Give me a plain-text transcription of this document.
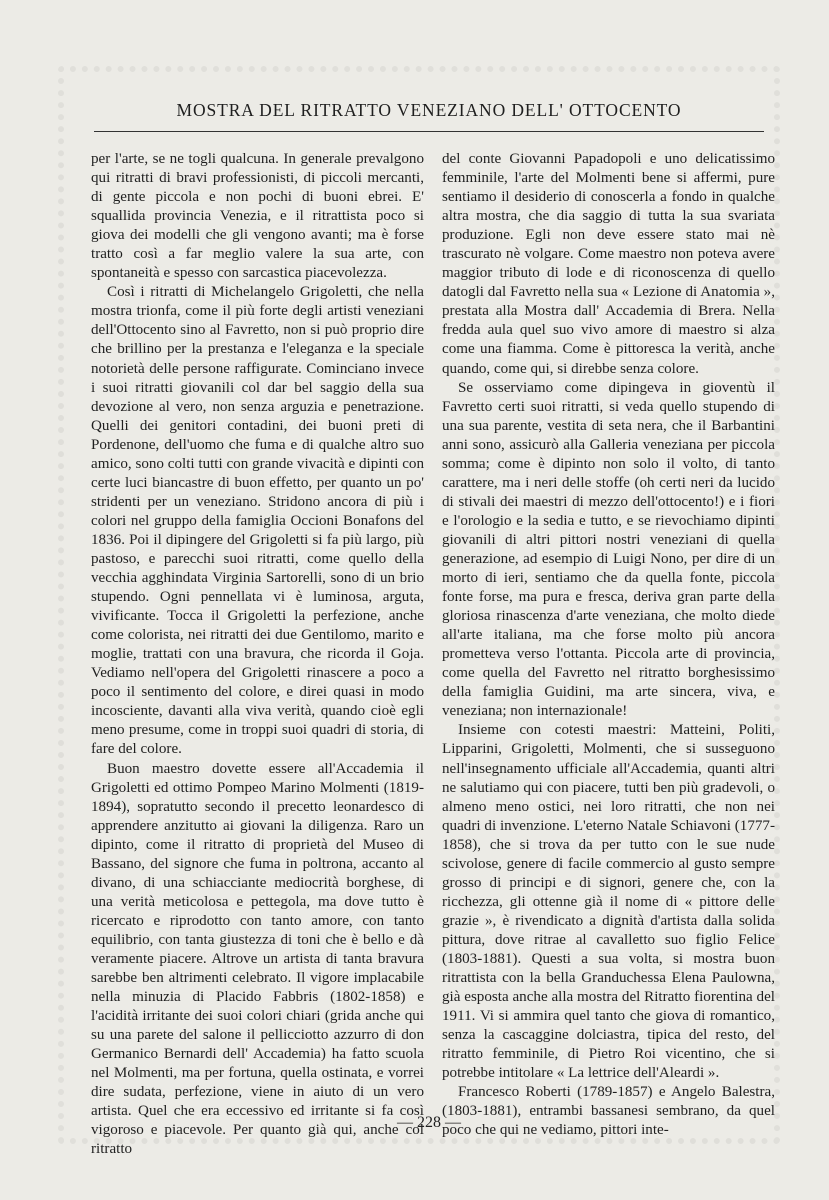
MOSTRA DEL RITRATTO VENEZIANO DELL' OTTOCENTO

per l'arte, se ne togli qualcuna. In generale prevalgono qui ritratti di bravi professionisti, di piccoli mercanti, di gente piccola e non pochi di buoni ebrei. E' squallida provincia Venezia, e il ritrattista poco si giova dei modelli che gli vengono avanti; ma è forse tratto così a far meglio valere la sua arte, con spontaneità e spesso con sarcastica piacevolezza.

Così i ritratti di Michelangelo Grigoletti, che nella mostra trionfa, come il più forte degli artisti veneziani dell'Ottocento sino al Favretto, non si può proprio dire che brillino per la prestanza e l'eleganza e la speciale notorietà delle persone raffigurate. Cominciano invece i suoi ritratti giovanili col dar bel saggio della sua devozione al vero, non senza arguzia e penetrazione. Quelli dei genitori contadini, dei buoni preti di Pordenone, dell'uomo che fuma e di qualche altro suo amico, sono colti tutti con grande vivacità e dipinti con certe luci biancastre di buon effetto, per quanto un po' stridenti per un veneziano. Stridono ancora di più i colori nel gruppo della famiglia Occioni Bonafons del 1836. Poi il dipingere del Grigoletti si fa più largo, più pastoso, e parecchi suoi ritratti, come quello della vecchia agghindata Virginia Sartorelli, sono di un brio stupendo. Ogni pennellata vi è luminosa, arguta, vivificante. Tocca il Grigoletti la perfezione, anche come colorista, nei ritratti dei due Gentilomo, marito e moglie, trattati con una bravura, che ricorda il Goja. Vediamo nell'opera del Grigoletti rinascere a poco a poco il sentimento del colore, e direi quasi in modo incosciente, davanti alla viva verità, quando cioè egli meno presume, come in troppi suoi quadri di storia, di fare del colore.

Buon maestro dovette essere all'Accademia il Grigoletti ed ottimo Pompeo Marino Molmenti (1819-1894), sopratutto secondo il precetto leonardesco di apprendere anzitutto ai giovani la diligenza. Raro un dipinto, come il ritratto di proprietà del Museo di Bassano, del signore che fuma in poltrona, accanto al divano, di una schiacciante mediocrità borghese, di una verità meticolosa e pettegola, ma dove tutto è ricercato e riprodotto con tanto amore, con tanto equilibrio, con tanta giustezza di toni che è bello e dà veramente piacere. Altrove un artista di tanta bravura sarebbe ben altrimenti celebrato. Il vigore implacabile nella minuzia di Placido Fabbris (1802-1858) e l'acidità irritante dei suoi colori chiari (grida anche qui su una parete del salone il pellicciotto azzurro di don Germanico Bernardi dell' Accademia) ha fatto scuola nel Molmenti, ma per fortuna, quella ostinata, e vorrei dire sudata, perfezione, viene in aiuto di un vero artista. Quel che era eccessivo ed irritante si fa così vigoroso e piacevole. Per quanto già qui, anche col ritratto

del conte Giovanni Papadopoli e uno delicatissimo femminile, l'arte del Molmenti bene si affermi, pure sentiamo il desiderio di conoscerla a fondo in qualche altra mostra, che dia saggio di tutta la sua svariata produzione. Egli non deve essere stato mai nè trascurato nè volgare. Come maestro non poteva avere maggior tributo di lode e di riconoscenza di quello datogli dal Favretto nella sua « Lezione di Anatomia », prestata alla Mostra dall' Accademia di Brera. Nella fredda aula quel suo vivo amore di maestro si alza come una fiamma. Come è pittoresca la verità, anche quando, come qui, si direbbe senza colore.

Se osserviamo come dipingeva in gioventù il Favretto certi suoi ritratti, si veda quello stupendo di una sua parente, vestita di seta nera, che il Barbantini anni sono, assicurò alla Galleria veneziana per piccola somma; come è dipinto non solo il volto, di tanto carattere, ma i neri delle stoffe (oh certi neri da lucido di stivali dei maestri di mezzo dell'ottocento!) e i fiori e l'orologio e la sedia e tutto, e se rievochiamo dipinti giovanili di altri pittori nostri veneziani di quella generazione, ad esempio di Luigi Nono, per dire di un morto di ieri, sentiamo che da quella fonte, piccola fonte forse, ma pura e fresca, deriva gran parte della gloriosa rinascenza d'arte veneziana, che molto diede all'arte italiana, ma che forse molto più ancora prometteva verso l'ottanta. Piccola arte di provincia, come quella del Favretto nel ritratto borghesissimo della famiglia Guidini, ma arte sincera, viva, e veneziana; non internazionale!

Insieme con cotesti maestri: Matteini, Politi, Lipparini, Grigoletti, Molmenti, che si susseguono nell'insegnamento ufficiale all'Accademia, quanti altri ne salutiamo qui con piacere, tutti ben più gradevoli, o almeno meno ostici, nei loro ritratti, che non nei quadri di invenzione. L'eterno Natale Schiavoni (1777-1858), che si trova da per tutto con le sue nude scivolose, genere di facile commercio al gusto sempre grosso di principi e di signori, genere che, con la ricchezza, gli ottenne già il nome di « pittore delle grazie », è rivendicato a dignità d'artista dalla solida pittura, dove ritrae al cavalletto suo figlio Felice (1803-1881). Questi a sua volta, si mostra buon ritrattista con la bella Granduchessa Elena Paulowna, già esposta anche alla mostra del Ritratto fiorentina del 1911. Vi si ammira quel tanto che giova di romantico, senza la cascaggine dolciastra, tipica del resto, del ritratto femminile, di Pietro Roi vicentino, che si potrebbe intitolare « La lettrice dell'Aleardi ».

Francesco Roberti (1789-1857) e Angelo Balestra, (1803-1881), entrambi bassanesi sembrano, da quel poco che qui ne vediamo, pittori inte-

— 228 —
